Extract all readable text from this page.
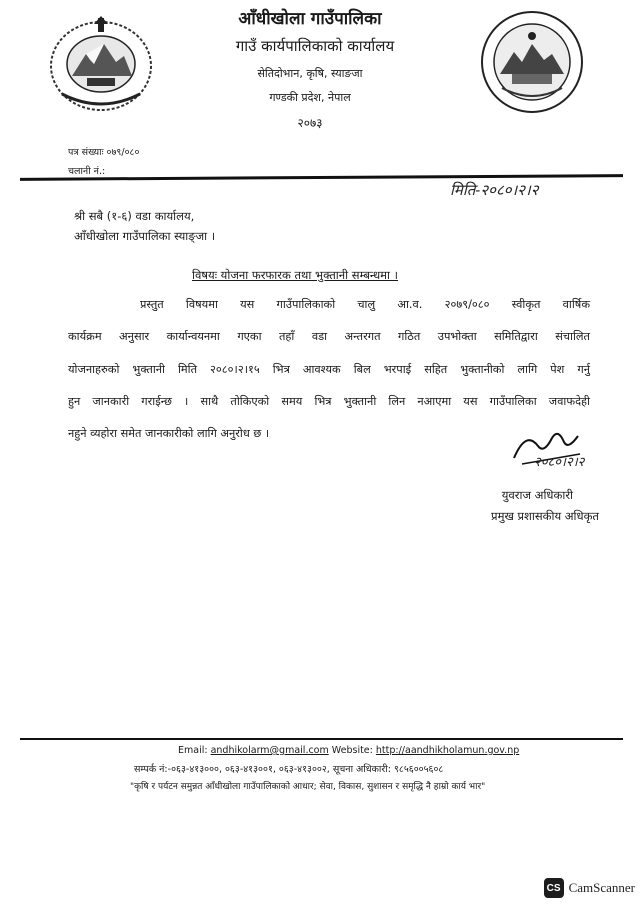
आँधीखोला गाउँपालिका
गाउँ कार्यपालिकाको कार्यालय
सेतिदोभान, कृषि, स्याङजा
गण्डकी प्रदेश, नेपाल
२०७३
पत्र संख्याः ०७९/०८०
चलानी नं.:
मिति-२०८०।२।२
श्री सबै (१-६) वडा कार्यालय,
आँधीखोला गाउँपालिका स्याङ्जा ।
विषयः योजना फरफारक तथा भुक्तानी सम्बन्धमा ।
प्रस्तुत विषयमा यस गाउँपालिकाको चालु आ.व. २०७९/०८० स्वीकृत वार्षिक
कार्यक्रम अनुसार कार्यान्वयनमा गएका तहाँ वडा अन्तरगत गठित उपभोक्ता समितिद्वारा संचालित
योजनाहरुको भुक्तानी मिति २०८०।२।१५ भित्र आवश्यक बिल भरपाई सहित भुक्तानीको लागि पेश गर्नु
हुन जानकारी गराईन्छ । साथै तोकिएको समय भित्र भुक्तानी लिन नआएमा यस गाउँपालिका जवाफदेही
नहुने व्यहोरा समेत जानकारीको लागि अनुरोध छ ।
२०८०।२।२
युवराज अधिकारी
प्रमुख प्रशासकीय अधिकृत
Email: andhikolarm@gmail.com Website: http://aandhikholamun.gov.np
सम्पर्क नं:-०६३-४१३०००, ०६३-४१३००१, ०६३-४१३००२, सूचना अधिकारी: ९८५६००५६०८
"कृषि र पर्यटन समुन्नत आँधीखोला गाउँपालिकाको आधार; सेवा, विकास, सुशासन र समृद्धि नै हाम्रो कार्य भार"
CS CamScanner
